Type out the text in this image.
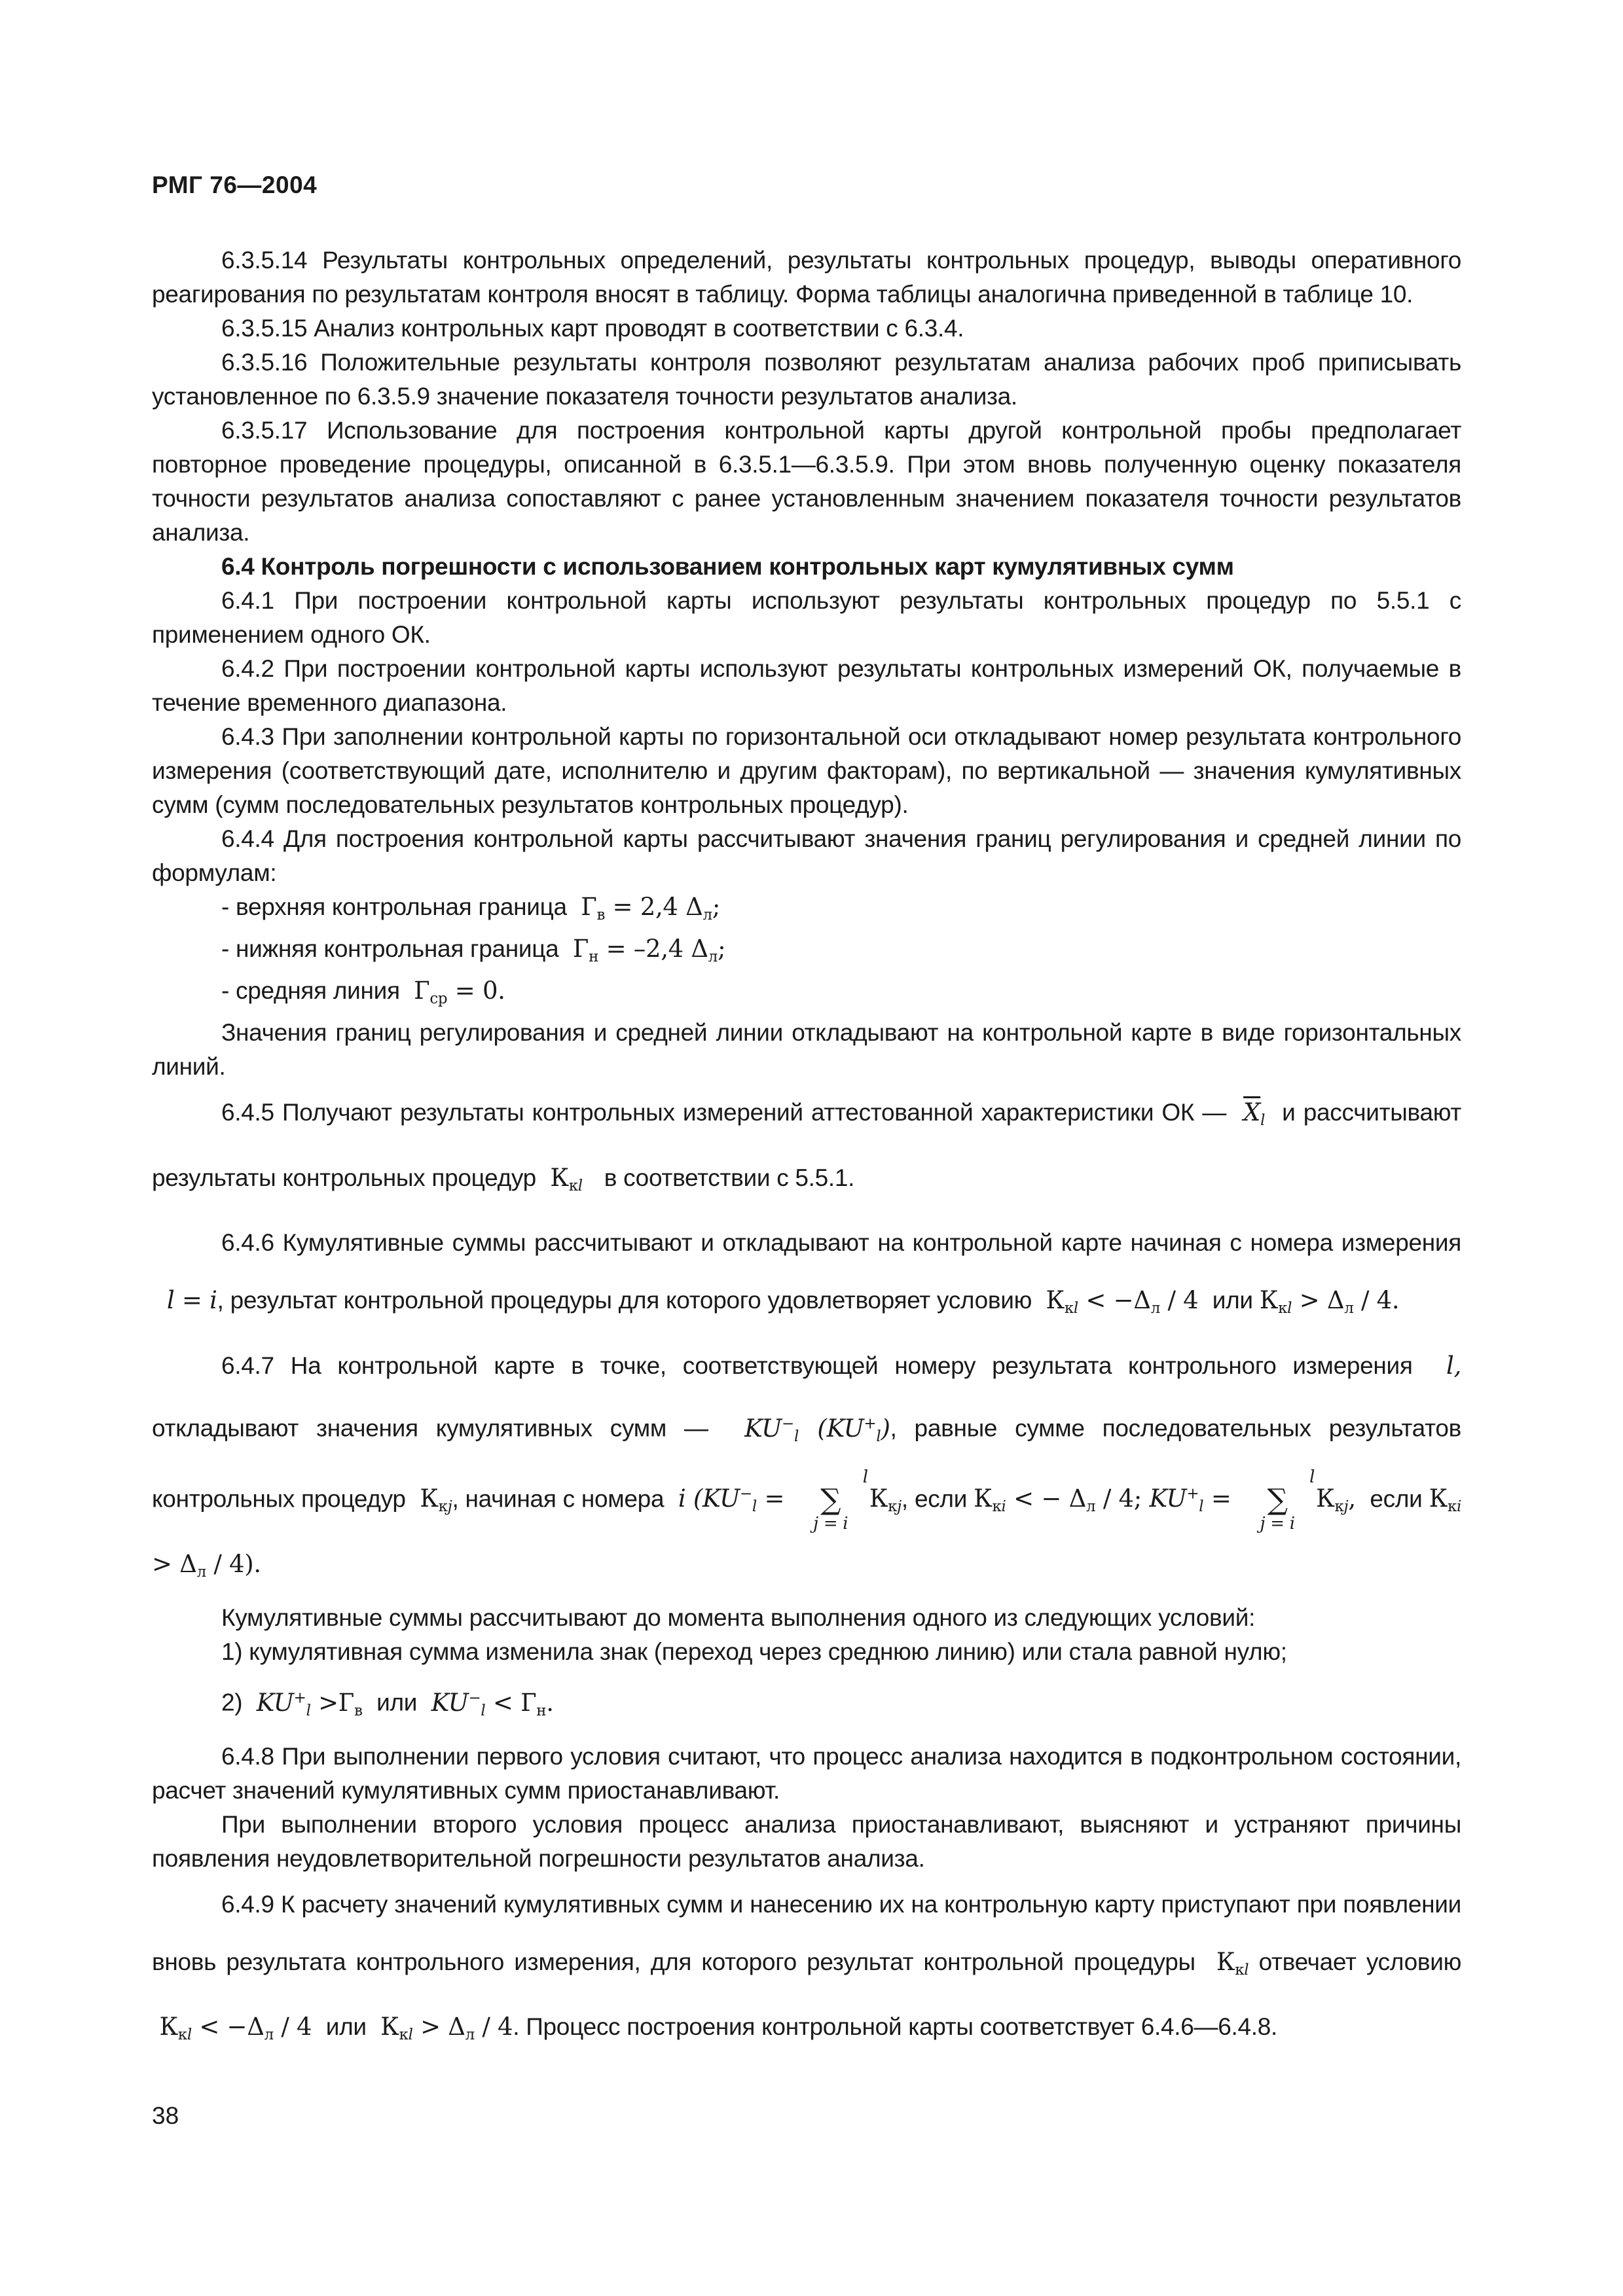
РМГ 76—2004

6.3.5.14 Результаты контрольных определений, результаты контрольных процедур, выводы оперативного реагирования по результатам контроля вносят в таблицу. Форма таблицы аналогична приведенной в таблице 10.

6.3.5.15 Анализ контрольных карт проводят в соответствии с 6.3.4.

6.3.5.16 Положительные результаты контроля позволяют результатам анализа рабочих проб приписывать установленное по 6.3.5.9 значение показателя точности результатов анализа.

6.3.5.17 Использование для построения контрольной карты другой контрольной пробы предполагает повторное проведение процедуры, описанной в 6.3.5.1—6.3.5.9. При этом вновь полученную оценку показателя точности результатов анализа сопоставляют с ранее установленным значением показателя точности результатов анализа.

6.4 Контроль погрешности с использованием контрольных карт кумулятивных сумм

6.4.1 При построении контрольной карты используют результаты контрольных процедур по 5.5.1 с применением одного ОК.

6.4.2 При построении контрольной карты используют результаты контрольных измерений ОК, получаемые в течение временного диапазона.

6.4.3 При заполнении контрольной карты по горизонтальной оси откладывают номер результата контрольного измерения (соответствующий дате, исполнителю и другим факторам), по вертикальной — значения кумулятивных сумм (сумм последовательных результатов контрольных процедур).

6.4.4 Для построения контрольной карты рассчитывают значения границ регулирования и средней линии по формулам:

- верхняя контрольная граница  $Г_в = 2,4$ $\Delta_л$;

- нижняя контрольная граница  $Г_н = -2,4$ $\Delta_л$;

- средняя линия  $Г_{ср} = 0$.

Значения границ регулирования и средней линии откладывают на контрольной карте в виде горизонтальных линий.

6.4.5 Получают результаты контрольных измерений аттестованной характеристики ОК — $\overline{X}_l$ и рассчитывают результаты контрольных процедур  $К_{кl}$ в соответствии с 5.5.1.

6.4.6 Кумулятивные суммы рассчитывают и откладывают на контрольной карте начиная с номера измерения   l = i, результат контрольной процедуры для которого удовлетворяет условию  $К_{кl} < -\Delta_л / 4$  или $К_{кl} > \Delta_л / 4$.

6.4.7 На контрольной карте в точке, соответствующей номеру результата контрольного измерения  l, откладывают значения кумулятивных сумм —  $KU^-_l$ $(KU^+_l)$, равные сумме последовательных результатов контрольных процедур  $К_{кj}$, начиная с номера  i ($KU^-_l = l$
∑
$j = iК_{кj}$, если $К_{кi}$ < − $\Delta_л / 4$; $KU^+_l = l$
∑
$j = iК_{кj}$,  если $К_{кi} > \Delta_л / 4$).

Кумулятивные суммы рассчитывают до момента выполнения одного из следующих условий:

1) кумулятивная сумма изменила знак (переход через среднюю линию) или стала равной нулю;

2)  $KU^+_l >Г_в$ или  $KU^-_l < Г_н$.

6.4.8 При выполнении первого условия считают, что процесс анализа находится в подконтрольном состоянии, расчет значений кумулятивных сумм приостанавливают.

При выполнении второго условия процесс анализа приостанавливают, выясняют и устраняют причины появления неудовлетворительной погрешности результатов анализа.

6.4.9 К расчету значений кумулятивных сумм и нанесению их на контрольную карту приступают при появлении вновь результата контрольного измерения, для которого результат контрольной процедуры  $К_{кl}$ отвечает условию  $К_{кl} < -\Delta_л / 4$  или  $К_{кl} > \Delta_л / 4$. Процесс построения контрольной карты соответствует 6.4.6—6.4.8.

38
